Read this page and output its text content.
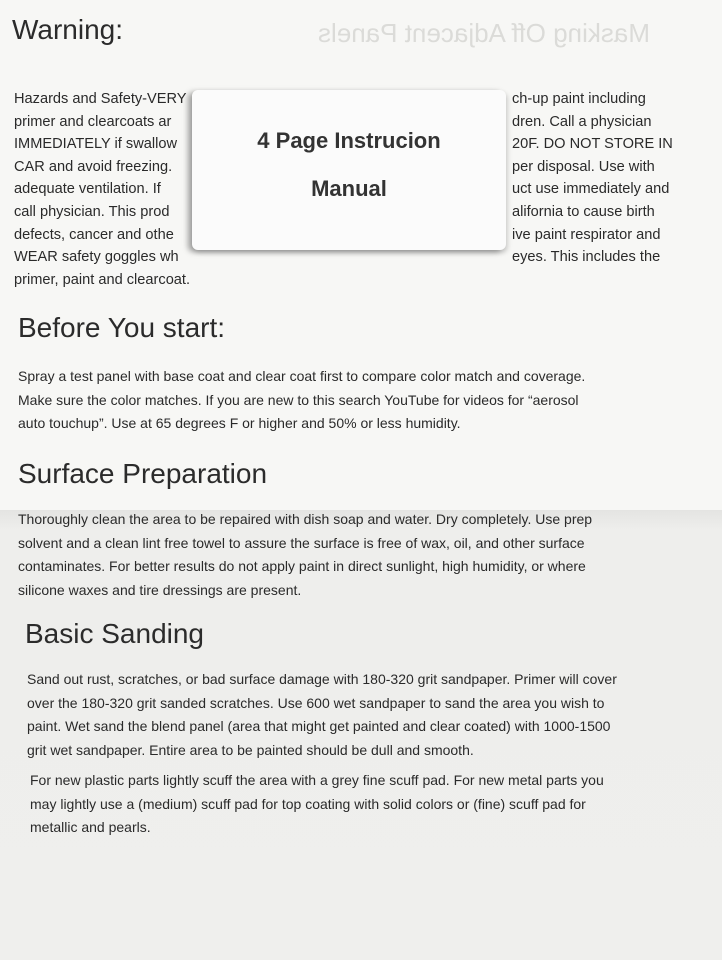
Masking Off Adjacent Panels
Warning:
Hazards and Safety-VERY
primer and clearcoats ar
IMMEDIATELY if swallow
CAR and avoid freezing.
adequate ventilation. If
call physician. This prod
defects, cancer and othe
WEAR safety goggles wh
primer, paint and clearcoat.
ch-up paint including
dren. Call a physician
20F. DO NOT STORE IN
per disposal. Use with
uct use immediately and
alifornia to cause birth
ive paint respirator and
eyes. This includes the
4 Page Instrucion
Manual
Before You start:
Spray a test panel with base coat and clear coat first to compare color match and coverage.
Make sure the color matches. If you are new to this search YouTube for videos for “aerosol
auto touchup”. Use at 65 degrees F or higher and 50% or less humidity.
Surface Preparation
Thoroughly clean the area to be repaired with dish soap and water. Dry completely. Use prep
solvent and a clean lint free towel to assure the surface is free of wax, oil, and other surface
contaminates. For better results do not apply paint in direct sunlight, high humidity, or where
silicone waxes and tire dressings are present.
Basic Sanding
Sand out rust, scratches, or bad surface damage with 180-320 grit sandpaper. Primer will cover
over the 180-320 grit sanded scratches. Use 600 wet sandpaper to sand the area you wish to
paint. Wet sand the blend panel (area that might get painted and clear coated) with 1000-1500
grit wet sandpaper. Entire area to be painted should be dull and smooth.
For new plastic parts lightly scuff the area with a grey fine scuff pad. For new metal parts you
may lightly use a (medium) scuff pad for top coating with solid colors or (fine) scuff pad for
metallic and pearls.
